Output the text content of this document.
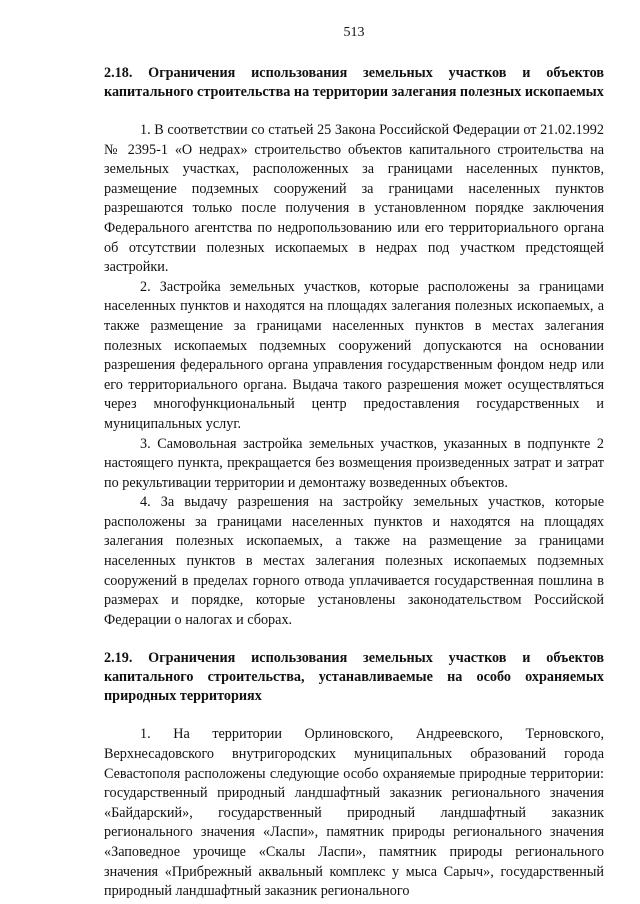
513
2.18. Ограничения использования земельных участков и объектов капитального строительства на территории залегания полезных ископаемых

1. В соответствии со статьей 25 Закона Российской Федерации от 21.02.1992 № 2395-1 «О недрах» строительство объектов капитального строительства на земельных участках, расположенных за границами населенных пунктов, размещение подземных сооружений за границами населенных пунктов разрешаются только после получения в установленном порядке заключения Федерального агентства по недропользованию или его территориального органа об отсутствии полезных ископаемых в недрах под участком предстоящей застройки.

2. Застройка земельных участков, которые расположены за границами населенных пунктов и находятся на площадях залегания полезных ископаемых, а также размещение за границами населенных пунктов в местах залегания полезных ископаемых подземных сооружений допускаются на основании разрешения федерального органа управления государственным фондом недр или его территориального органа. Выдача такого разрешения может осуществляться через многофункциональный центр предоставления государственных и муниципальных услуг.

3. Самовольная застройка земельных участков, указанных в подпункте 2 настоящего пункта, прекращается без возмещения произведенных затрат и затрат по рекультивации территории и демонтажу возведенных объектов.

4. За выдачу разрешения на застройку земельных участков, которые расположены за границами населенных пунктов и находятся на площадях залегания полезных ископаемых, а также на размещение за границами населенных пунктов в местах залегания полезных ископаемых подземных сооружений в пределах горного отвода уплачивается государственная пошлина в размерах и порядке, которые установлены законодательством Российской Федерации о налогах и сборах.

2.19. Ограничения использования земельных участков и объектов капитального строительства, устанавливаемые на особо охраняемых природных территориях

1. На территории Орлиновского, Андреевского, Терновского, Верхнесадовского внутригородских муниципальных образований города Севастополя расположены следующие особо охраняемые природные территории: государственный природный ландшафтный заказник регионального значения «Байдарский», государственный природный ландшафтный заказник регионального значения «Ласпи», памятник природы регионального значения «Заповедное урочище «Скалы Ласпи», памятник природы регионального значения «Прибрежный аквальный комплекс у мыса Сарыч», государственный природный ландшафтный заказник регионального
